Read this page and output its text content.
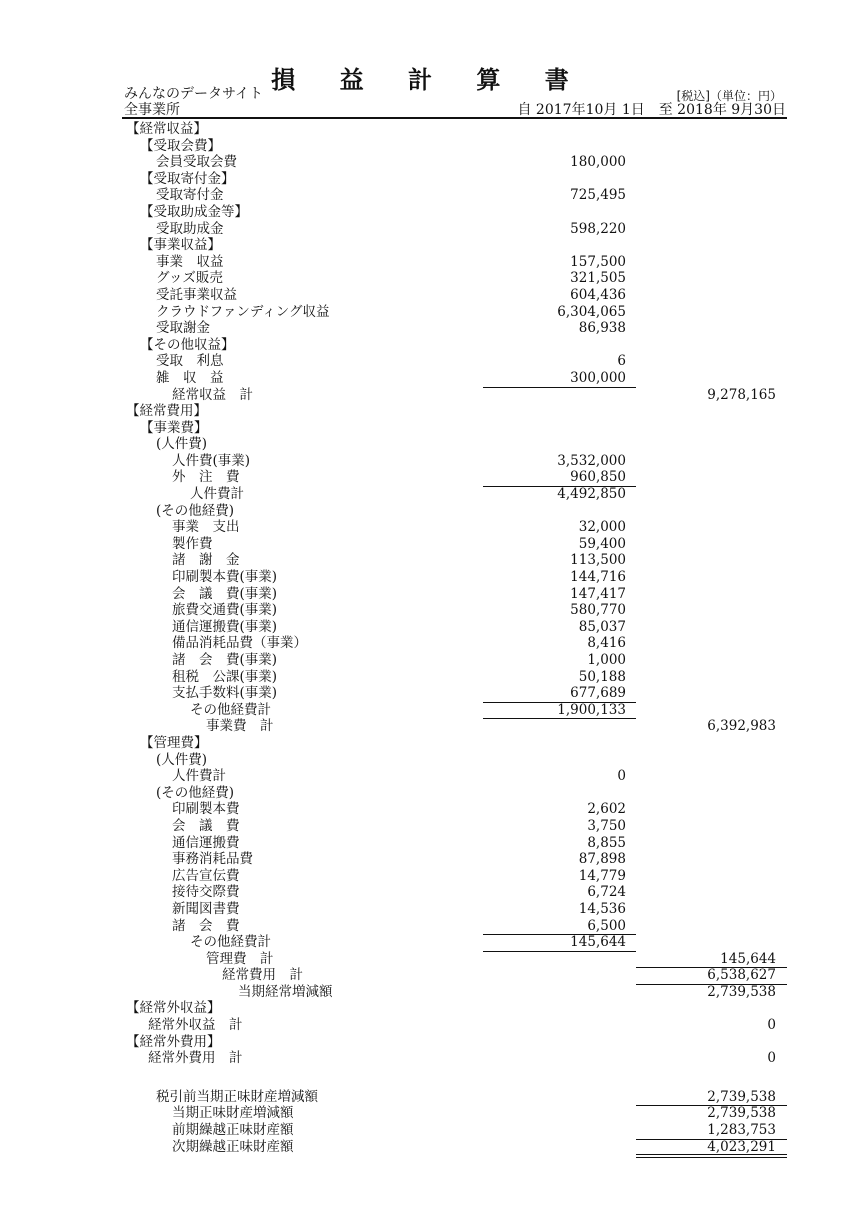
損 益 計 算 書
みんなのデータサイト
全事業所
[税込]（単位：円）
自 2017年10月 1日　至 2018年 9月30日
【経常収益】
【受取会費】
会員受取会費	180,000
【受取寄付金】
受取寄付金	725,495
【受取助成金等】
受取助成金	598,220
【事業収益】
事業　収益	157,500
グッズ販売	321,505
受託事業収益	604,436
クラウドファンディング収益	6,304,065
受取謝金	86,938
【その他収益】
受取　利息	6
雑　収　益	300,000
経常収益　計	9,278,165
【経常費用】
【事業費】
(人件費)
人件費(事業)	3,532,000
外　注　費	960,850
人件費計	4,492,850
(その他経費)
事業　支出	32,000
製作費	59,400
諸　謝　金	113,500
印刷製本費(事業)	144,716
会　議　費(事業)	147,417
旅費交通費(事業)	580,770
通信運搬費(事業)	85,037
備品消耗品費（事業）	8,416
諸　会　費(事業)	1,000
租税　公課(事業)	50,188
支払手数料(事業)	677,689
その他経費計	1,900,133
事業費　計	6,392,983
【管理費】
(人件費)
人件費計	0
(その他経費)
印刷製本費	2,602
会　議　費	3,750
通信運搬費	8,855
事務消耗品費	87,898
広告宣伝費	14,779
接待交際費	6,724
新聞図書費	14,536
諸　会　費	6,500
その他経費計	145,644
管理費　計	145,644
経常費用　計	6,538,627
当期経常増減額	2,739,538
【経常外収益】
経常外収益　計	0
【経常外費用】
経常外費用　計	0
税引前当期正味財産増減額	2,739,538
当期正味財産増減額	2,739,538
前期繰越正味財産額	1,283,753
次期繰越正味財産額	4,023,291
